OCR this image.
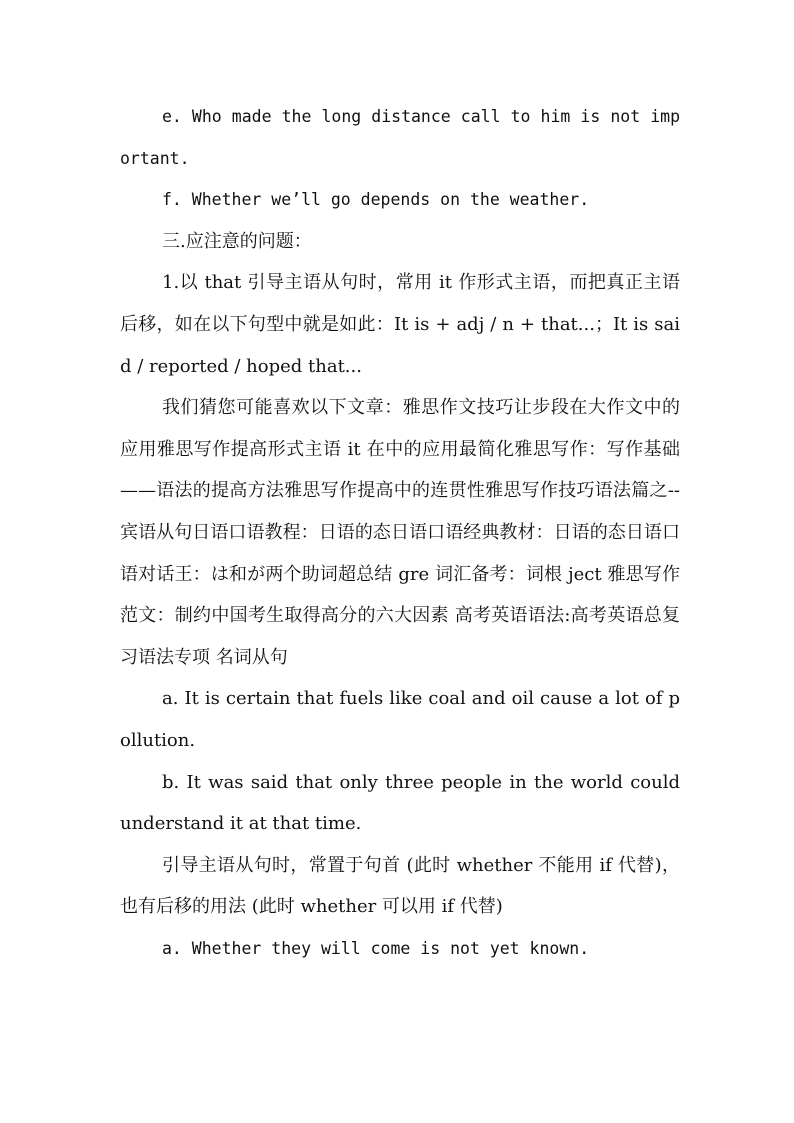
e. Who made the long distance call to him is not important.

f. Whether we’ll go depends on the weather.

三.应注意的问题：

1.以 that 引导主语从句时，常用 it 作形式主语，而把真正主语后移，如在以下句型中就是如此：It is + adj / n + that...；It is said / reported / hoped that...

我们猜您可能喜欢以下文章：雅思作文技巧让步段在大作文中的应用雅思写作提高形式主语 it 在中的应用最简化雅思写作：写作基础——语法的提高方法雅思写作提高中的连贯性雅思写作技巧语法篇之--宾语从句日语口语教程：日语的态日语口语经典教材：日语的态日语口语对话王：は和が两个助词超总结 gre 词汇备考：词根 ject 雅思写作范文：制约中国考生取得高分的六大因素 高考英语语法:高考英语总复习语法专项 名词从句

a. It is certain that fuels like coal and oil cause a lot of pollution.

b. It was said that only three people in the world could understand it at that time.

引导主语从句时，常置于句首 (此时 whether 不能用 if 代替)，也有后移的用法 (此时 whether 可以用 if 代替)

a. Whether they will come is not yet known.
